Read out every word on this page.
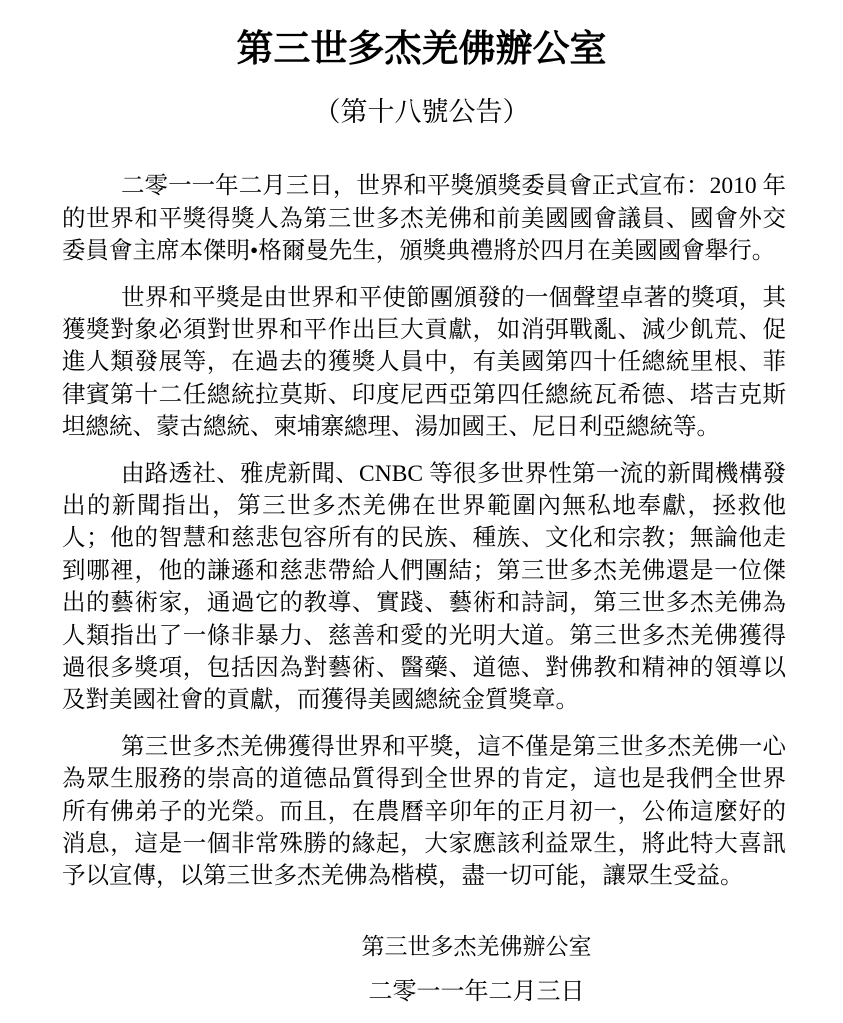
第三世多杰羌佛辦公室
（第十八號公告）

二零一一年二月三日，世界和平獎頒獎委員會正式宣布：2010 年的世界和平獎得獎人為第三世多杰羌佛和前美國國會議員、國會外交委員會主席本傑明•格爾曼先生，頒獎典禮將於四月在美國國會舉行。

世界和平獎是由世界和平使節團頒發的一個聲望卓著的獎項，其獲獎對象必須對世界和平作出巨大貢獻，如消弭戰亂、減少飢荒、促進人類發展等，在過去的獲獎人員中，有美國第四十任總統里根、菲律賓第十二任總統拉莫斯、印度尼西亞第四任總統瓦希德、塔吉克斯坦總統、蒙古總統、柬埔寨總理、湯加國王、尼日利亞總統等。

由路透社、雅虎新聞、CNBC 等很多世界性第一流的新聞機構發出的新聞指出，第三世多杰羌佛在世界範圍內無私地奉獻，拯救他人；他的智慧和慈悲包容所有的民族、種族、文化和宗教；無論他走到哪裡，他的謙遜和慈悲帶給人們團結；第三世多杰羌佛還是一位傑出的藝術家，通過它的教導、實踐、藝術和詩詞，第三世多杰羌佛為人類指出了一條非暴力、慈善和愛的光明大道。第三世多杰羌佛獲得過很多獎項，包括因為對藝術、醫藥、道德、對佛教和精神的領導以及對美國社會的貢獻，而獲得美國總統金質獎章。

第三世多杰羌佛獲得世界和平獎，這不僅是第三世多杰羌佛一心為眾生服務的崇高的道德品質得到全世界的肯定，這也是我們全世界所有佛弟子的光榮。而且，在農曆辛卯年的正月初一，公佈這麼好的消息，這是一個非常殊勝的緣起，大家應該利益眾生，將此特大喜訊予以宣傳，以第三世多杰羌佛為楷模，盡一切可能，讓眾生受益。

第三世多杰羌佛辦公室

二零一一年二月三日
